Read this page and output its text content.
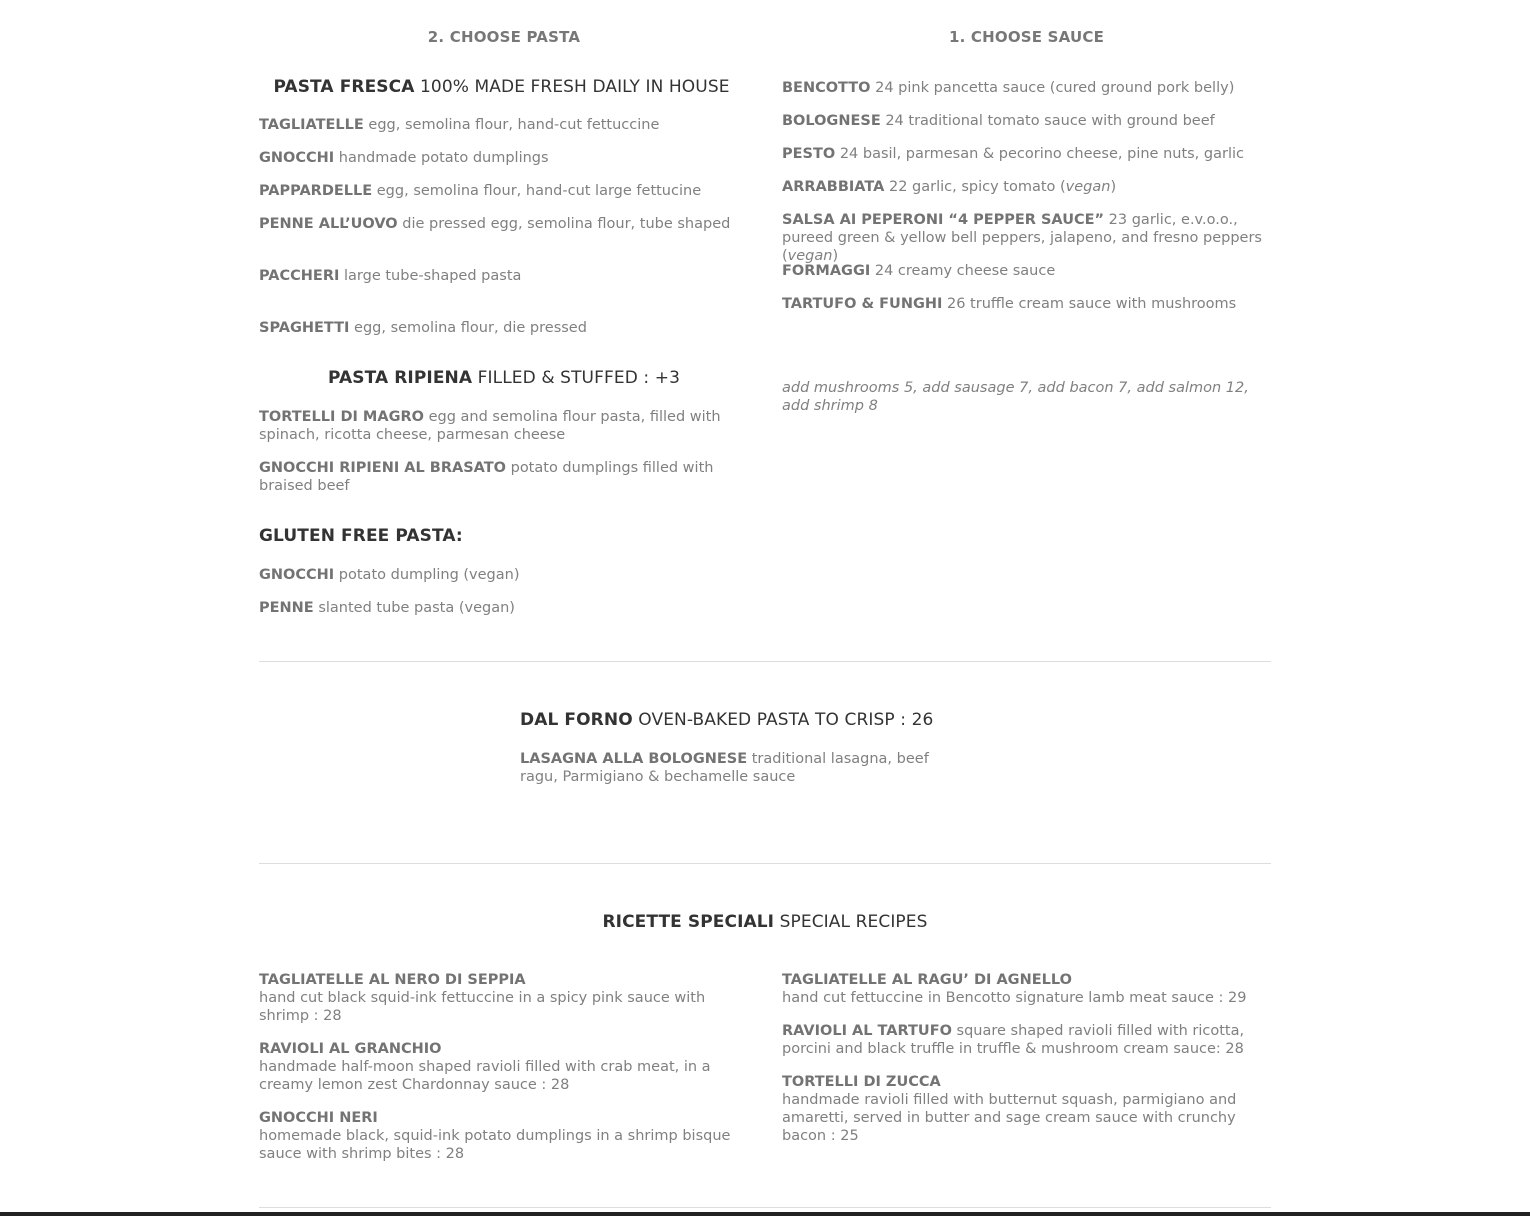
2. CHOOSE PASTA
PASTA FRESCA 100% MADE FRESH DAILY IN HOUSE
TAGLIATELLE egg, semolina flour, hand-cut fettuccine
GNOCCHI handmade potato dumplings
PAPPARDELLE egg, semolina flour, hand-cut large fettucine
PENNE ALL’UOVO die pressed egg, semolina flour, tube shaped
PACCHERI large tube-shaped pasta
SPAGHETTI egg, semolina flour, die pressed
PASTA RIPIENA FILLED & STUFFED : +3
TORTELLI DI MAGRO egg and semolina flour pasta, filled with spinach, ricotta cheese, parmesan cheese
GNOCCHI RIPIENI AL BRASATO potato dumplings filled with braised beef
GLUTEN FREE PASTA:
GNOCCHI potato dumpling (vegan)
PENNE slanted tube pasta (vegan)
1. CHOOSE SAUCE
BENCOTTO 24 pink pancetta sauce (cured ground pork belly)
BOLOGNESE 24 traditional tomato sauce with ground beef
PESTO 24 basil, parmesan & pecorino cheese, pine nuts, garlic
ARRABBIATA 22 garlic, spicy tomato (vegan)
SALSA AI PEPERONI “4 PEPPER SAUCE” 23 garlic, e.v.o.o., pureed green & yellow bell peppers, jalapeno, and fresno peppers (vegan)
FORMAGGI 24 creamy cheese sauce
TARTUFO & FUNGHI 26 truffle cream sauce with mushrooms
add mushrooms 5, add sausage 7, add bacon 7, add salmon 12, add shrimp 8
DAL FORNO OVEN-BAKED PASTA TO CRISP : 26
LASAGNA ALLA BOLOGNESE traditional lasagna, beef ragu, Parmigiano & bechamelle sauce
RICETTE SPECIALI SPECIAL RECIPES
TAGLIATELLE AL NERO DI SEPPIA
hand cut black squid-ink fettuccine in a spicy pink sauce with shrimp : 28
RAVIOLI AL GRANCHIO
handmade half-moon shaped ravioli filled with crab meat, in a creamy lemon zest Chardonnay sauce : 28
GNOCCHI NERI
homemade black, squid-ink potato dumplings in a shrimp bisque sauce with shrimp bites : 28
TAGLIATELLE AL RAGU’ DI AGNELLO
hand cut fettuccine in Bencotto signature lamb meat sauce : 29
RAVIOLI AL TARTUFO square shaped ravioli filled with ricotta, porcini and black truffle in truffle & mushroom cream sauce: 28
TORTELLI DI ZUCCA
handmade ravioli filled with butternut squash, parmigiano and amaretti, served in butter and sage cream sauce with crunchy bacon : 25
